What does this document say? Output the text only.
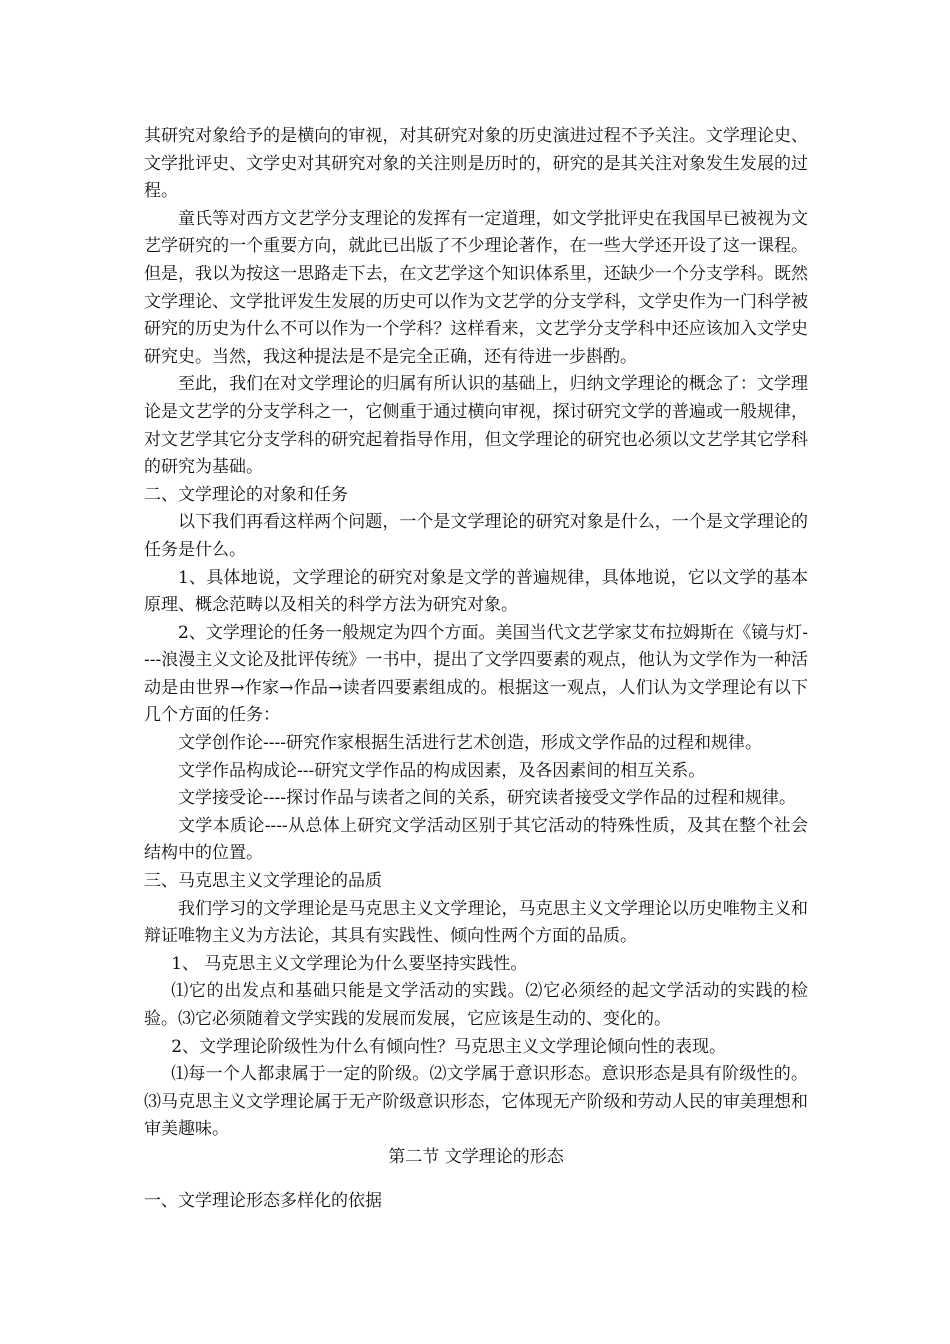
其研究对象给予的是横向的审视，对其研究对象的历史演进过程不予关注。文学理论史、文学批评史、文学史对其研究对象的关注则是历时的，研究的是其关注对象发生发展的过程。

童氏等对西方文艺学分支理论的发挥有一定道理，如文学批评史在我国早已被视为文艺学研究的一个重要方向，就此已出版了不少理论著作，在一些大学还开设了这一课程。但是，我以为按这一思路走下去，在文艺学这个知识体系里，还缺少一个分支学科。既然文学理论、文学批评发生发展的历史可以作为文艺学的分支学科，文学史作为一门科学被研究的历史为什么不可以作为一个学科？这样看来，文艺学分支学科中还应该加入文学史研究史。当然，我这种提法是不是完全正确，还有待进一步斟酌。

至此，我们在对文学理论的归属有所认识的基础上，归纳文学理论的概念了：文学理论是文艺学的分支学科之一，它侧重于通过横向审视，探讨研究文学的普遍或一般规律，对文艺学其它分支学科的研究起着指导作用，但文学理论的研究也必须以文艺学其它学科的研究为基础。

二、文学理论的对象和任务

以下我们再看这样两个问题，一个是文学理论的研究对象是什么，一个是文学理论的任务是什么。

1、具体地说，文学理论的研究对象是文学的普遍规律，具体地说，它以文学的基本原理、概念范畴以及相关的科学方法为研究对象。

2、文学理论的任务一般规定为四个方面。美国当代文艺学家艾布拉姆斯在《镜与灯----浪漫主义文论及批评传统》一书中，提出了文学四要素的观点，他认为文学作为一种活动是由世界→作家→作品→读者四要素组成的。根据这一观点，人们认为文学理论有以下几个方面的任务：

文学创作论----研究作家根据生活进行艺术创造，形成文学作品的过程和规律。

文学作品构成论---研究文学作品的构成因素，及各因素间的相互关系。

文学接受论----探讨作品与读者之间的关系，研究读者接受文学作品的过程和规律。

文学本质论----从总体上研究文学活动区别于其它活动的特殊性质，及其在整个社会结构中的位置。

三、马克思主义文学理论的品质

我们学习的文学理论是马克思主义文学理论，马克思主义文学理论以历史唯物主义和辩证唯物主义为方法论，其具有实践性、倾向性两个方面的品质。

1、 马克思主义文学理论为什么要坚持实践性。

⑴它的出发点和基础只能是文学活动的实践。⑵它必须经的起文学活动的实践的检验。⑶它必须随着文学实践的发展而发展，它应该是生动的、变化的。

2、文学理论阶级性为什么有倾向性？马克思主义文学理论倾向性的表现。

⑴每一个人都隶属于一定的阶级。⑵文学属于意识形态。意识形态是具有阶级性的。⑶马克思主义文学理论属于无产阶级意识形态，它体现无产阶级和劳动人民的审美理想和审美趣味。

第二节 文学理论的形态

一、文学理论形态多样化的依据
